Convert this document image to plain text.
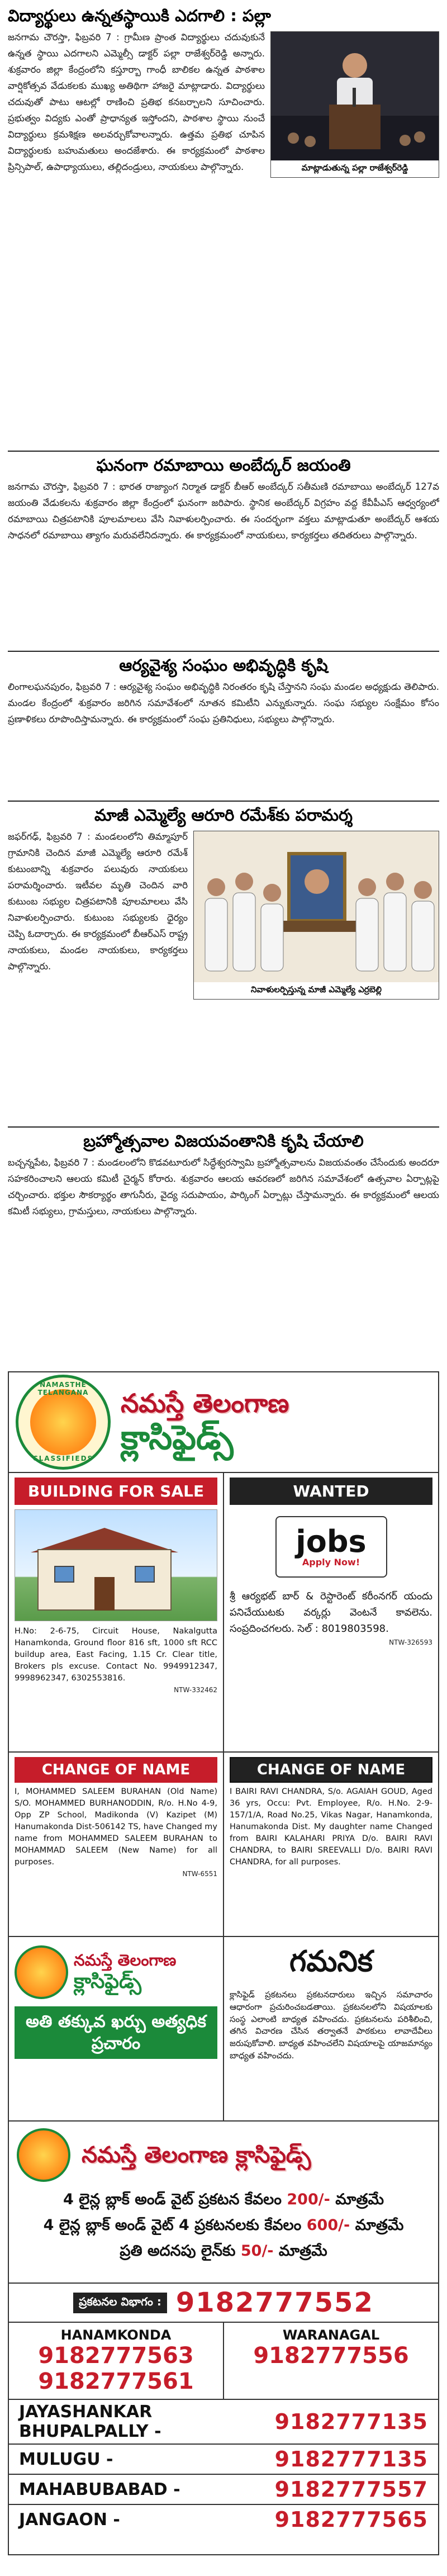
విద్యార్థులు ఉన్నతస్థాయికి ఎదగాలి : పల్లా
మాట్లాడుతున్న పల్లా రాజేశ్వర్‌రెడ్డి

జనగామ చౌరస్తా, ఫిబ్రవరి 7 : గ్రామీణ ప్రాంత విద్యార్థులు చదువుకునే ఉన్నత స్థాయి ఎదగాలని ఎమ్మెల్సీ డాక్టర్ పల్లా రాజేశ్వర్‌రెడ్డి అన్నారు. శుక్రవారం జిల్లా కేంద్రంలోని కస్తూర్బా గాంధీ బాలికల ఉన్నత పాఠశాల వార్షికోత్సవ వేడుకలకు ముఖ్య అతిథిగా హాజరై మాట్లాడారు. విద్యార్థులు చదువుతో పాటు ఆటల్లో రాణించి ప్రతిభ కనబర్చాలని సూచించారు. ప్రభుత్వం విద్యకు ఎంతో ప్రాధాన్యత ఇస్తోందని, పాఠశాల స్థాయి నుంచే విద్యార్థులు క్రమశిక్షణ అలవర్చుకోవాలన్నారు. ఉత్తమ ప్రతిభ చూపిన విద్యార్థులకు బహుమతులు అందజేశారు. ఈ కార్యక్రమంలో పాఠశాల ప్రిన్సిపాల్, ఉపాధ్యాయులు, తల్లిదండ్రులు, నాయకులు పాల్గొన్నారు.

ఘనంగా రమాబాయి అంబేద్కర్ జయంతి

జనగామ చౌరస్తా, ఫిబ్రవరి 7 : భారత రాజ్యాంగ నిర్మాత డాక్టర్ బీఆర్ అంబేద్కర్ సతీమణి రమాబాయి అంబేద్కర్ 127వ జయంతి వేడుకలను శుక్రవారం జిల్లా కేంద్రంలో ఘనంగా జరిపారు. స్థానిక అంబేద్కర్ విగ్రహం వద్ద కేవీపీఎస్ ఆధ్వర్యంలో రమాబాయి చిత్రపటానికి పూలమాలలు వేసి నివాళులర్పించారు. ఈ సందర్భంగా వక్తలు మాట్లాడుతూ అంబేద్కర్ ఆశయ సాధనలో రమాబాయి త్యాగం మరువలేనిదన్నారు. ఈ కార్యక్రమంలో నాయకులు, కార్యకర్తలు తదితరులు పాల్గొన్నారు.

ఆర్యవైశ్య సంఘం అభివృద్ధికి కృషి

లింగాలఘనపురం, ఫిబ్రవరి 7 : ఆర్యవైశ్య సంఘం అభివృద్ధికి నిరంతరం కృషి చేస్తానని సంఘ మండల అధ్యక్షుడు తెలిపారు. మండల కేంద్రంలో శుక్రవారం జరిగిన సమావేశంలో నూతన కమిటీని ఎన్నుకున్నారు. సంఘ సభ్యుల సంక్షేమం కోసం ప్రణాళికలు రూపొందిస్తామన్నారు. ఈ కార్యక్రమంలో సంఘ ప్రతినిధులు, సభ్యులు పాల్గొన్నారు.

మాజీ ఎమ్మెల్యే ఆరూరి రమేశ్‌కు పరామర్శ
నివాళులర్పిస్తున్న మాజీ ఎమ్మెల్యే ఎర్రబెల్లి

జఫర్‌గఢ్, ఫిబ్రవరి 7 : మండలంలోని తిమ్మాపూర్ గ్రామానికి చెందిన మాజీ ఎమ్మెల్యే ఆరూరి రమేశ్ కుటుంబాన్ని శుక్రవారం పలువురు నాయకులు పరామర్శించారు. ఇటీవల మృతి చెందిన వారి కుటుంబ సభ్యుల చిత్రపటానికి పూలమాలలు వేసి నివాళులర్పించారు. కుటుంబ సభ్యులకు ధైర్యం చెప్పి ఓదార్చారు. ఈ కార్యక్రమంలో బీఆర్‌ఎస్ రాష్ట్ర నాయకులు, మండల నాయకులు, కార్యకర్తలు పాల్గొన్నారు.

బ్రహ్మోత్సవాల విజయవంతానికి కృషి చేయాలి

బచ్చన్నపేట, ఫిబ్రవరి 7 : మండలంలోని కొడవటూరులో సిద్ధేశ్వరస్వామి బ్రహ్మోత్సవాలను విజయవంతం చేసేందుకు అందరూ సహకరించాలని ఆలయ కమిటీ చైర్మన్ కోరారు. శుక్రవారం ఆలయ ఆవరణలో జరిగిన సమావేశంలో ఉత్సవాల ఏర్పాట్లపై చర్చించారు. భక్తుల సౌకర్యార్థం తాగునీరు, వైద్య సదుపాయం, పార్కింగ్ ఏర్పాట్లు చేస్తామన్నారు. ఈ కార్యక్రమంలో ఆలయ కమిటీ సభ్యులు, గ్రామస్తులు, నాయకులు పాల్గొన్నారు.

NAMASTHE TELANGANA
CLASSIFIEDS
నమస్తే తెలంగాణ
క్లాసిఫైడ్స్
BUILDING FOR SALE
H.No: 2-6-75, Circuit House, Nakalgutta Hanamkonda, Ground floor 816 sft, 1000 sft RCC buildup area, East Facing, 1.15 Cr. Clear title, Brokers pls excuse. Contact No. 9949912347, 9998962347, 6302553816.
NTW-332462
WANTED
jobs
Apply Now!
శ్రీ ఆర్యభట్ బార్ & రెస్టారెంట్ కరీంనగర్ యందు పనిచేయుటకు వర్కర్లు వెంటనే కావలెను. సంప్రదించగలరు. సెల్ : 8019803598.
NTW-326593
CHANGE OF NAME
I, MOHAMMED SALEEM BURAHAN (Old Name) S/O. MOHAMMED BURHANODDIN, R/o. H.No 4-9, Opp ZP School, Madikonda (V) Kazipet (M) Hanumakonda Dist-506142 TS, have Changed my name from MOHAMMED SALEEM BURAHAN to MOHAMMAD SALEEM (New Name) for all purposes.
NTW-6551
CHANGE OF NAME
I BAIRI RAVI CHANDRA, S/o. AGAIAH GOUD, Aged 36 yrs, Occu: Pvt. Employee, R/o. H.No. 2-9-157/1/A, Road No.25, Vikas Nagar, Hanamkonda, Hanumakonda Dist. My daughter name Changed from BAIRI KALAHARI PRIYA D/o. BAIRI RAVI CHANDRA, to BAIRI SREEVALLI D/o. BAIRI RAVI CHANDRA, for all purposes.
నమస్తే తెలంగాణ
క్లాసిఫైడ్స్
అతి తక్కువ ఖర్చు అత్యధిక ప్రచారం
గమనిక
క్లాసిఫైడ్ ప్రకటనలు ప్రకటనదారులు ఇచ్చిన సమాచారం ఆధారంగా ప్రచురించబడతాయి. ప్రకటనలలోని విషయాలకు సంస్థ ఎలాంటి బాధ్యత వహించదు. ప్రకటనలను పరిశీలించి, తగిన విచారణ చేసిన తర్వాతనే పాఠకులు లావాదేవీలు జరుపుకోవాలి. బాధ్యత వహించలేని విషయాలపై యాజమాన్యం బాధ్యత వహించదు.
నమస్తే తెలంగాణ క్లాసిఫైడ్స్
4 లైన్ల బ్లాక్ అండ్ వైట్ ప్రకటన కేవలం 200/- మాత్రమే
4 లైన్ల బ్లాక్ అండ్ వైట్ 4 ప్రకటనలకు కేవలం 600/- మాత్రమే
ప్రతి అదనపు లైన్‌కు 50/- మాత్రమే
ప్రకటనల విభాగం : 9182777552
HANAMKONDA
9182777563
9182777561
WARANAGAL
9182777556
JAYASHANKAR BHUPALPALLY -	9182777135
MULUGU -	9182777135
MAHABUBABAD -	9182777557
JANGAON -	9182777565
